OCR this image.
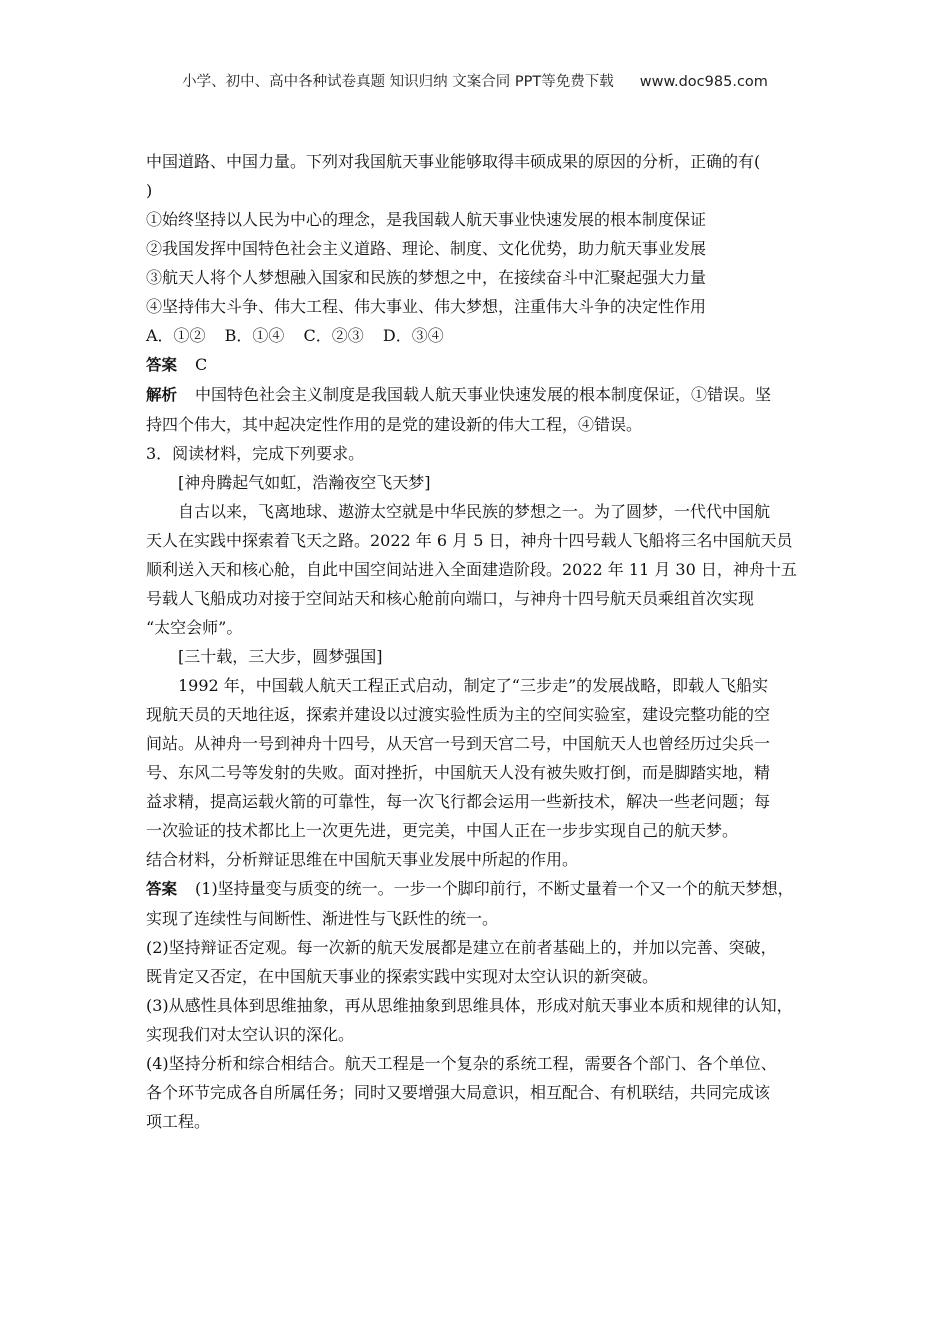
小学、初中、高中各种试卷真题 知识归纳 文案合同 PPT等免费下载 www.doc985.com

中国道路、中国力量。下列对我国航天事业能够取得丰硕成果的原因的分析，正确的有(

)

①始终坚持以人民为中心的理念，是我国载人航天事业快速发展的根本制度保证

②我国发挥中国特色社会主义道路、理论、制度、文化优势，助力航天事业发展

③航天人将个人梦想融入国家和民族的梦想之中，在接续奋斗中汇聚起强大力量

④坚持伟大斗争、伟大工程、伟大事业、伟大梦想，注重伟大斗争的决定性作用

A．①② B．①④ C．②③ D．③④

答案 C

解析 中国特色社会主义制度是我国载人航天事业快速发展的根本制度保证，①错误。坚

持四个伟大，其中起决定性作用的是党的建设新的伟大工程，④错误。

3．阅读材料，完成下列要求。

[神舟腾起气如虹，浩瀚夜空飞天梦]

自古以来，飞离地球、遨游太空就是中华民族的梦想之一。为了圆梦，一代代中国航

天人在实践中探索着飞天之路。2022 年 6 月 5 日，神舟十四号载人飞船将三名中国航天员

顺利送入天和核心舱，自此中国空间站进入全面建造阶段。2022 年 11 月 30 日，神舟十五

号载人飞船成功对接于空间站天和核心舱前向端口，与神舟十四号航天员乘组首次实现

“太空会师”。

[三十载，三大步，圆梦强国]

1992 年，中国载人航天工程正式启动，制定了“三步走”的发展战略，即载人飞船实

现航天员的天地往返，探索并建设以过渡实验性质为主的空间实验室，建设完整功能的空

间站。从神舟一号到神舟十四号，从天宫一号到天宫二号，中国航天人也曾经历过尖兵一

号、东风二号等发射的失败。面对挫折，中国航天人没有被失败打倒，而是脚踏实地，精

益求精，提高运载火箭的可靠性，每一次飞行都会运用一些新技术，解决一些老问题；每

一次验证的技术都比上一次更先进，更完美，中国人正在一步步实现自己的航天梦。

结合材料，分析辩证思维在中国航天事业发展中所起的作用。

答案 (1)坚持量变与质变的统一。一步一个脚印前行，不断丈量着一个又一个的航天梦想，

实现了连续性与间断性、渐进性与飞跃性的统一。

(2)坚持辩证否定观。每一次新的航天发展都是建立在前者基础上的，并加以完善、突破，

既肯定又否定，在中国航天事业的探索实践中实现对太空认识的新突破。

(3)从感性具体到思维抽象，再从思维抽象到思维具体，形成对航天事业本质和规律的认知，

实现我们对太空认识的深化。

(4)坚持分析和综合相结合。航天工程是一个复杂的系统工程，需要各个部门、各个单位、

各个环节完成各自所属任务；同时又要增强大局意识，相互配合、有机联结，共同完成该

项工程。
